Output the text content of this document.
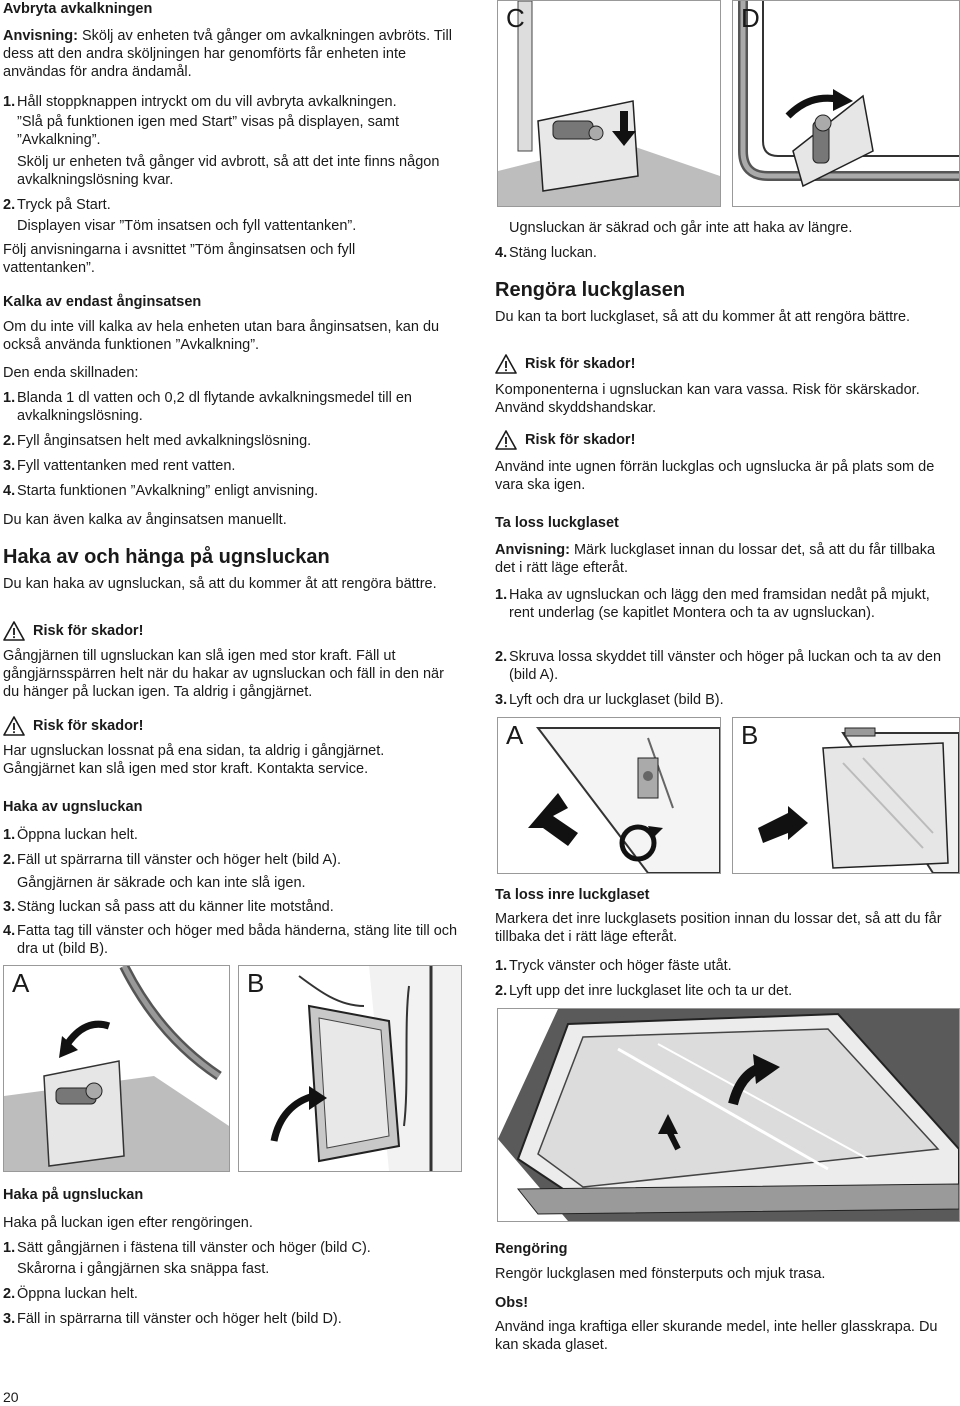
Avbryta avkalkningen
Anvisning: Skölj av enheten två gånger om avkalkningen avbröts. Till dess att den andra sköljningen har genomförts får enheten inte användas för andra ändamål.
1. Håll stoppknappen intryckt om du vill avbryta avkalkningen.
”Slå på funktionen igen med Start” visas på displayen, samt ”Avkalkning”.
Skölj ur enheten två gånger vid avbrott, så att det inte finns någon avkalkningslösning kvar.
2. Tryck på Start.
Displayen visar ”Töm insatsen och fyll vattentanken”.
Följ anvisningarna i avsnittet ”Töm ånginsatsen och fyll vattentanken”.
Kalka av endast ånginsatsen
Om du inte vill kalka av hela enheten utan bara ånginsatsen, kan du också använda funktionen ”Avkalkning”.
Den enda skillnaden:
1. Blanda 1 dl vatten och 0,2 dl flytande avkalkningsmedel till en avkalkningslösning.
2. Fyll ånginsatsen helt med avkalkningslösning.
3. Fyll vattentanken med rent vatten.
4. Starta funktionen ”Avkalkning” enligt anvisning.
Du kan även kalka av ånginsatsen manuellt.
Haka av och hänga på ugnsluckan
Du kan haka av ugnsluckan, så att du kommer åt att rengöra bättre.
Risk för skador!
Gångjärnen till ugnsluckan kan slå igen med stor kraft. Fäll ut gångjärnsspärren helt när du hakar av ugnsluckan och fäll in den när du hänger på luckan igen. Ta aldrig i gångjärnet.
Risk för skador!
Har ugnsluckan lossnat på ena sidan, ta aldrig i gångjärnet. Gångjärnet kan slå igen med stor kraft. Kontakta service.
Haka av ugnsluckan
1. Öppna luckan helt.
2. Fäll ut spärrarna till vänster och höger helt (bild A).
Gångjärnen är säkrade och kan inte slå igen.
3. Stäng luckan så pass att du känner lite motstånd.
4. Fatta tag till vänster och höger med båda händerna, stäng lite till och dra ut (bild B).
A	B
Haka på ugnsluckan
Haka på luckan igen efter rengöringen.
1. Sätt gångjärnen i fästena till vänster och höger (bild C).
Skårorna i gångjärnen ska snäppa fast.
2. Öppna luckan helt.
3. Fäll in spärrarna till vänster och höger helt (bild D).
20
C	D
Ugnsluckan är säkrad och går inte att haka av längre.
4. Stäng luckan.
Rengöra luckglasen
Du kan ta bort luckglaset, så att du kommer åt att rengöra bättre.
Risk för skador!
Komponenterna i ugnsluckan kan vara vassa. Risk för skärskador. Använd skyddshandskar.
Risk för skador!
Använd inte ugnen förrän luckglas och ugnslucka är på plats som de vara ska igen.
Ta loss luckglaset
Anvisning: Märk luckglaset innan du lossar det, så att du får tillbaka det i rätt läge efteråt.
1. Haka av ugnsluckan och lägg den med framsidan nedåt på mjukt, rent underlag (se kapitlet Montera och ta av ugnsluckan).
2. Skruva lossa skyddet till vänster och höger på luckan och ta av den (bild A).
3. Lyft och dra ur luckglaset (bild B).
A	B
Ta loss inre luckglaset
Markera det inre luckglasets position innan du lossar det, så att du får tillbaka det i rätt läge efteråt.
1. Tryck vänster och höger fäste utåt.
2. Lyft upp det inre luckglaset lite och ta ur det.
Rengöring
Rengör luckglasen med fönsterputs och mjuk trasa.
Obs!
Använd inga kraftiga eller skurande medel, inte heller glasskrapa. Du kan skada glaset.
